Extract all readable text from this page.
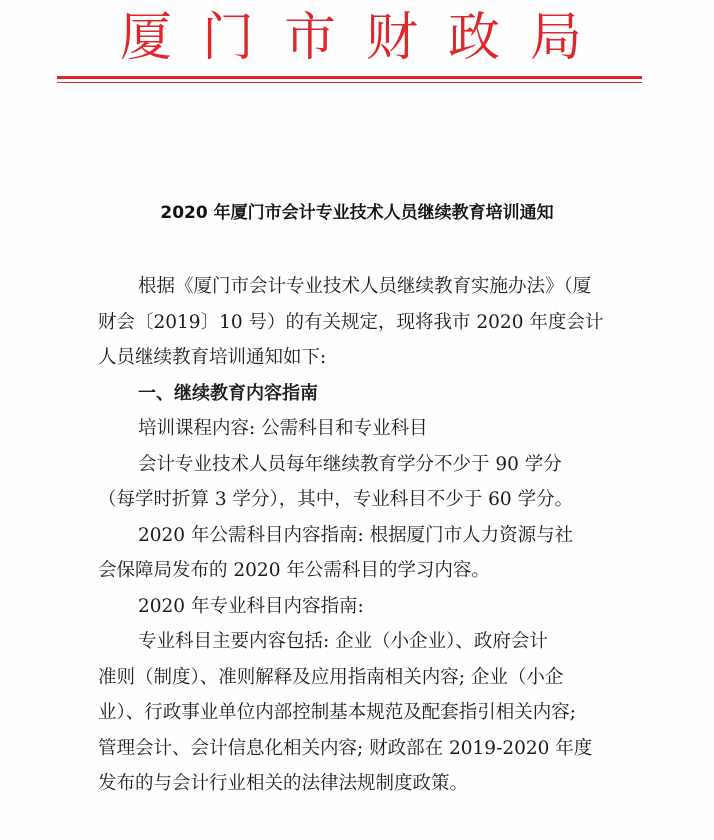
厦门市财政局
2020 年厦门市会计专业技术人员继续教育培训通知
根据《厦门市会计专业技术人员继续教育实施办法》（厦
财会〔2019〕10 号）的有关规定，现将我市 2020 年度会计
人员继续教育培训通知如下:
一、继续教育内容指南
培训课程内容: 公需科目和专业科目
会计专业技术人员每年继续教育学分不少于 90 学分
（每学时折算 3 学分），其中，专业科目不少于 60 学分。
2020 年公需科目内容指南: 根据厦门市人力资源与社
会保障局发布的 2020 年公需科目的学习内容。
2020 年专业科目内容指南:
专业科目主要内容包括: 企业（小企业）、政府会计
准则（制度）、准则解释及应用指南相关内容; 企业（小企
业）、行政事业单位内部控制基本规范及配套指引相关内容;
管理会计、会计信息化相关内容; 财政部在 2019-2020 年度
发布的与会计行业相关的法律法规制度政策。
